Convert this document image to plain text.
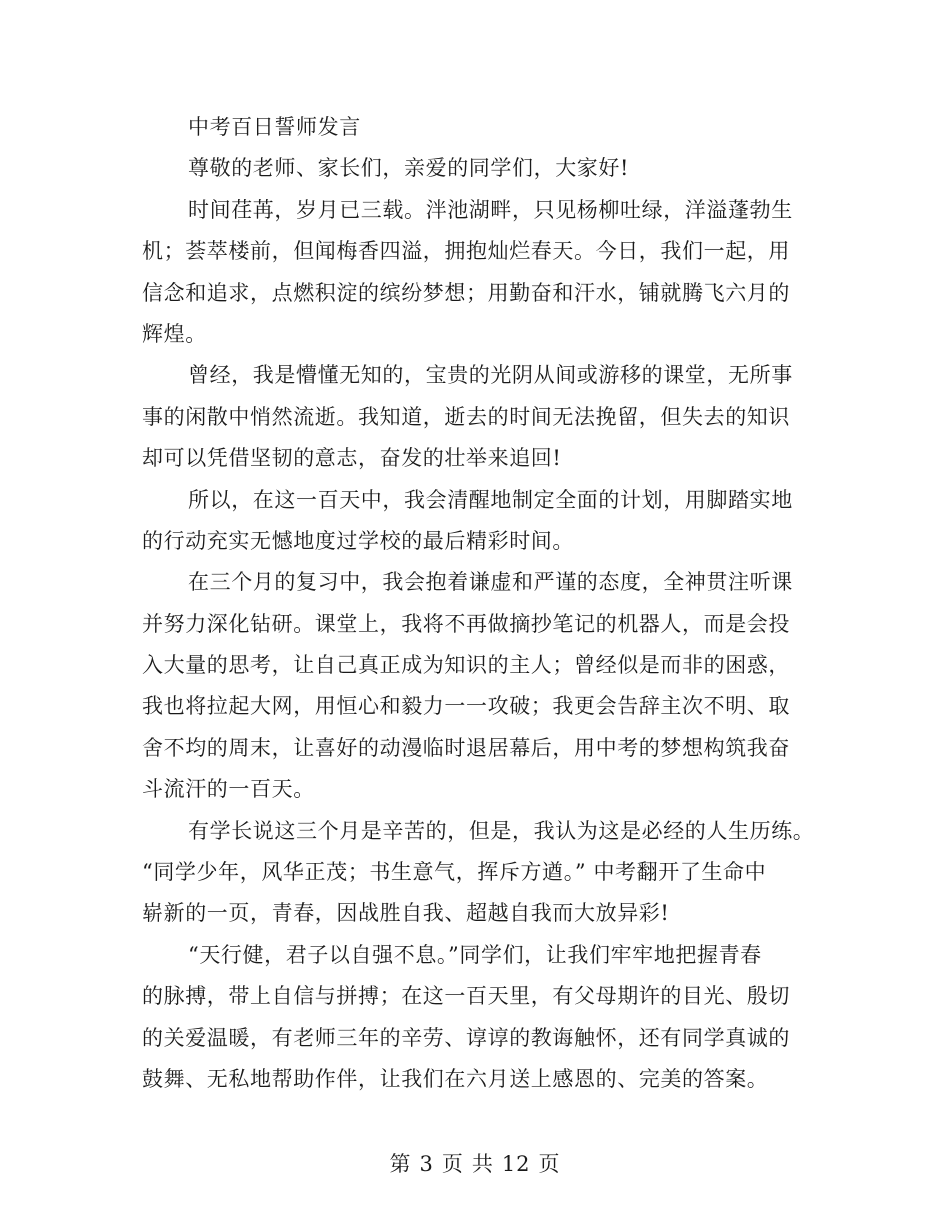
中考百日誓师发言
尊敬的老师、家长们，亲爱的同学们，大家好!
时间荏苒，岁月已三载。泮池湖畔，只见杨柳吐绿，洋溢蓬勃生
机；荟萃楼前，但闻梅香四溢，拥抱灿烂春天。今日，我们一起，用
信念和追求，点燃积淀的缤纷梦想；用勤奋和汗水，铺就腾飞六月的
辉煌。
曾经，我是懵懂无知的，宝贵的光阴从间或游移的课堂，无所事
事的闲散中悄然流逝。我知道，逝去的时间无法挽留，但失去的知识
却可以凭借坚韧的意志，奋发的壮举来追回!
所以，在这一百天中，我会清醒地制定全面的计划，用脚踏实地
的行动充实无憾地度过学校的最后精彩时间。
在三个月的复习中，我会抱着谦虚和严谨的态度，全神贯注听课
并努力深化钻研。课堂上，我将不再做摘抄笔记的机器人，而是会投
入大量的思考，让自己真正成为知识的主人；曾经似是而非的困惑，
我也将拉起大网，用恒心和毅力一一攻破；我更会告辞主次不明、取
舍不均的周末，让喜好的动漫临时退居幕后，用中考的梦想构筑我奋
斗流汗的一百天。
有学长说这三个月是辛苦的，但是，我认为这是必经的人生历练。
“同学少年，风华正茂；书生意气，挥斥方遒。” 中考翻开了生命中
崭新的一页，青春，因战胜自我、超越自我而大放异彩!
“天行健，君子以自强不息。”同学们，让我们牢牢地把握青春
的脉搏，带上自信与拼搏；在这一百天里，有父母期许的目光、殷切
的关爱温暖，有老师三年的辛劳、谆谆的教诲触怀，还有同学真诚的
鼓舞、无私地帮助作伴，让我们在六月送上感恩的、完美的答案。
第 3 页 共 12 页
